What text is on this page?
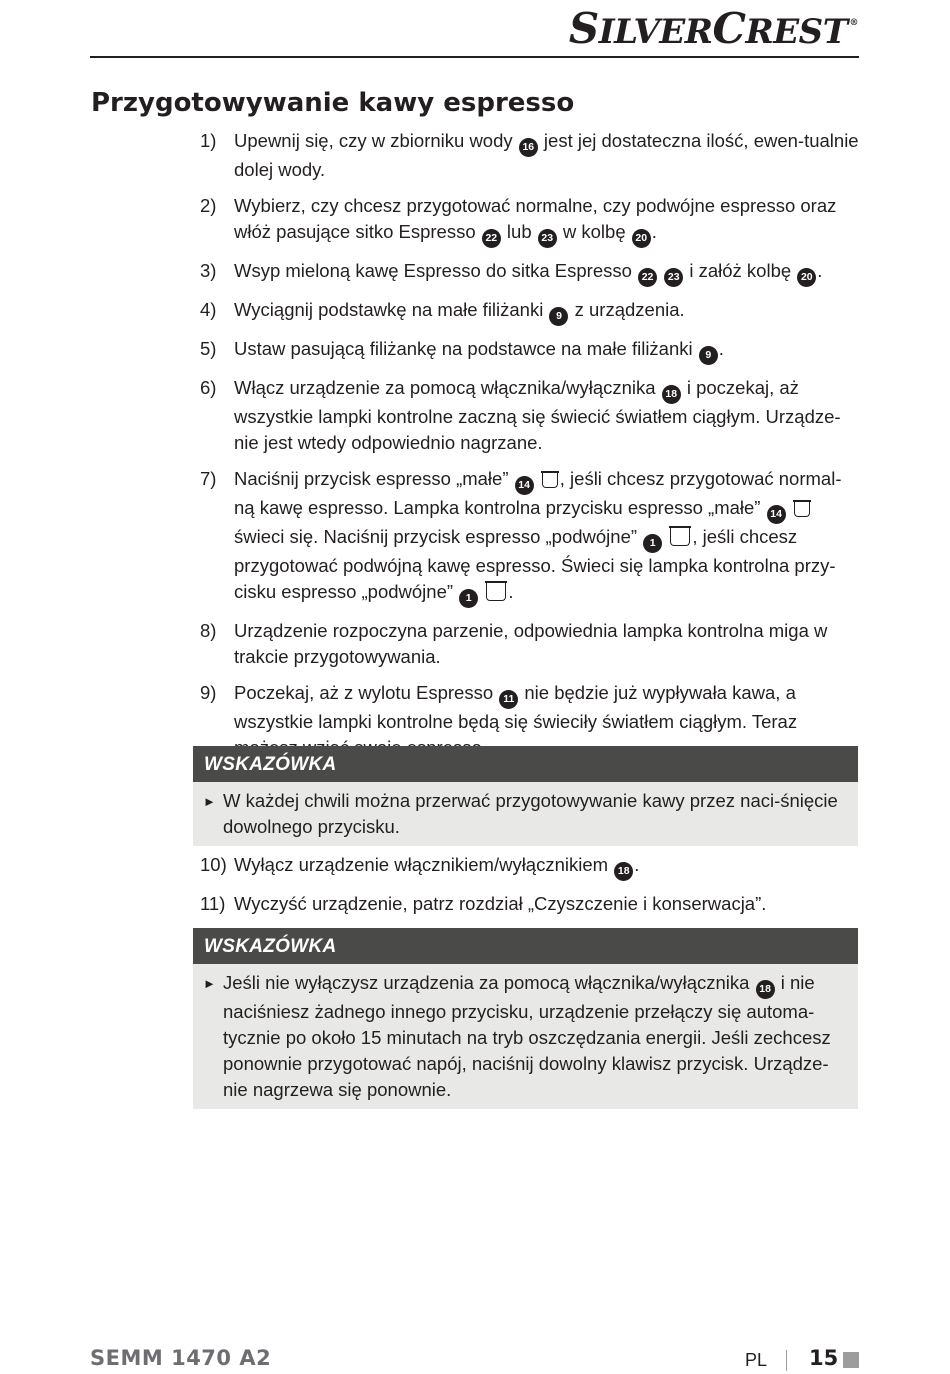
SILVERCREST ®
Przygotowywanie kawy espresso
1) Upewnij się, czy w zbiorniku wody 16 jest jej dostateczna ilość, ewen-tualnie dolej wody.
2) Wybierz, czy chcesz przygotować normalne, czy podwójne espresso oraz włóż pasujące sitko Espresso 22 lub 23 w kolbę 20 .
3) Wsyp mieloną kawę Espresso do sitka Espresso 22 23 i załóż kolbę 20 .
4) Wyciągnij podstawkę na małe filiżanki 9 z urządzenia.
5) Ustaw pasującą filiżankę na podstawce na małe filiżanki 9 .
6) Włącz urządzenie za pomocą włącznika/wyłącznika 18 i poczekaj, aż wszystkie lampki kontrolne zaczną się świecić światłem ciągłym. Urządze-nie jest wtedy odpowiednio nagrzane.
7) Naciśnij przycisk espresso „małe” 14 , jeśli chcesz przygotować normal-ną kawę espresso. Lampka kontrolna przycisku espresso „małe” 14  świeci się. Naciśnij przycisk espresso „podwójne” 1 , jeśli chcesz przygotować podwójną kawę espresso. Świeci się lampka kontrolna przy-cisku espresso „podwójne” 1 .
8) Urządzenie rozpoczyna parzenie, odpowiednia lampka kontrolna miga w trakcie przygotowywania.
9) Poczekaj, aż z wylotu Espresso 11 nie będzie już wypływała kawa, a wszystkie lampki kontrolne będą się świeciły światłem ciągłym. Teraz
WSKAZÓWKA
► W każdej chwili można przerwać przygotowywanie kawy przez naci-śnięcie dowolnego przycisku.
10) Wyłącz urządzenie włącznikiem/wyłącznikiem 18 .
11) Wyczyść urządzenie, patrz rozdział „Czyszczenie i konserwacja”.
WSKAZÓWKA
► Jeśli nie wyłączysz urządzenia za pomocą włącznika/wyłącznika 18 i nie naciśniesz żadnego innego przycisku, urządzenie przełączy się automa-tycznie po około 15 minutach na tryb oszczędzania energii. Jeśli zechcesz ponownie przygotować napój, naciśnij dowolny klawisz przycisk. Urządze-nie nagrzewa się ponownie.
SEMM 1470 A2	PL 15
